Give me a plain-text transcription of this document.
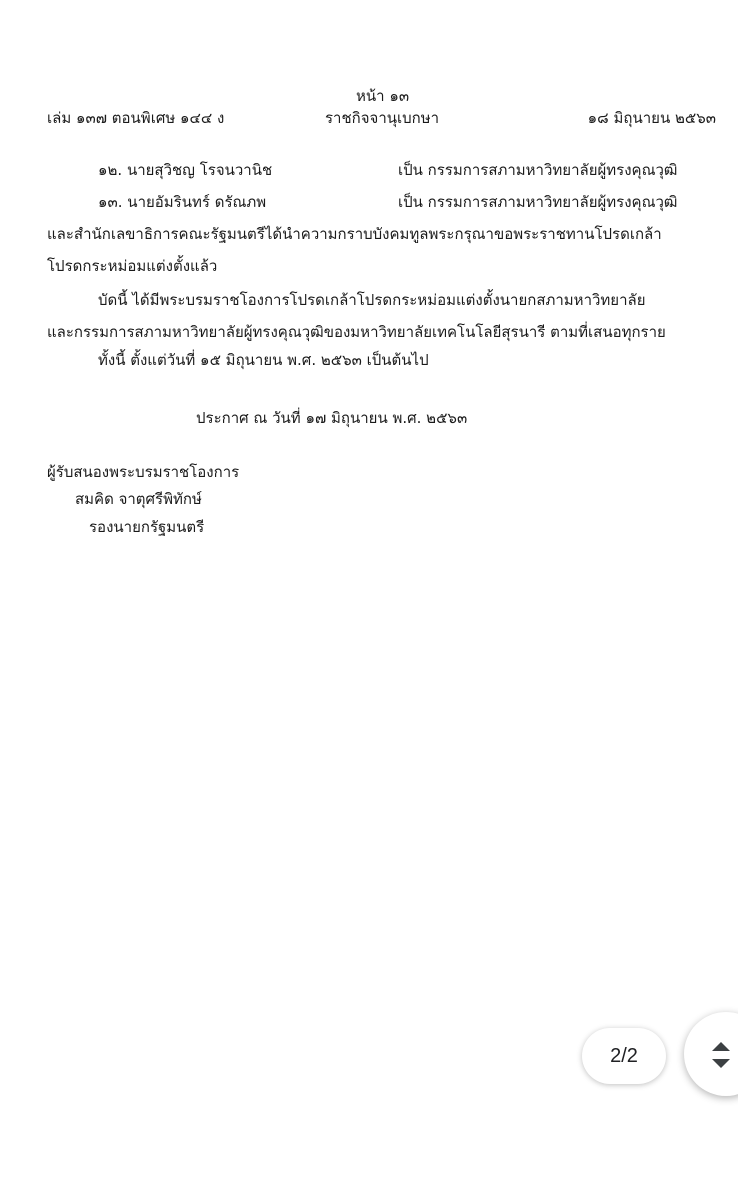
หน้า ๑๓
เล่ม ๑๓๗ ตอนพิเศษ ๑๔๔ ง	ราชกิจจานุเบกษา	๑๘ มิถุนายน ๒๕๖๓
๑๒. นายสุวิชญ โรจนวานิช	เป็น กรรมการสภามหาวิทยาลัยผู้ทรงคุณวุฒิ
๑๓. นายอัมรินทร์ ดรัณภพ	เป็น กรรมการสภามหาวิทยาลัยผู้ทรงคุณวุฒิ
และสำนักเลขาธิการคณะรัฐมนตรีได้นำความกราบบังคมทูลพระกรุณาขอพระราชทานโปรดเกล้า
โปรดกระหม่อมแต่งตั้งแล้ว
บัดนี้ ได้มีพระบรมราชโองการโปรดเกล้าโปรดกระหม่อมแต่งตั้งนายกสภามหาวิทยาลัย
และกรรมการสภามหาวิทยาลัยผู้ทรงคุณวุฒิของมหาวิทยาลัยเทคโนโลยีสุรนารี ตามที่เสนอทุกราย
ทั้งนี้ ตั้งแต่วันที่ ๑๕ มิถุนายน พ.ศ. ๒๕๖๓ เป็นต้นไป
ประกาศ ณ วันที่ ๑๗ มิถุนายน พ.ศ. ๒๕๖๓
ผู้รับสนองพระบรมราชโองการ
สมคิด จาตุศรีพิทักษ์
รองนายกรัฐมนตรี
2/2
